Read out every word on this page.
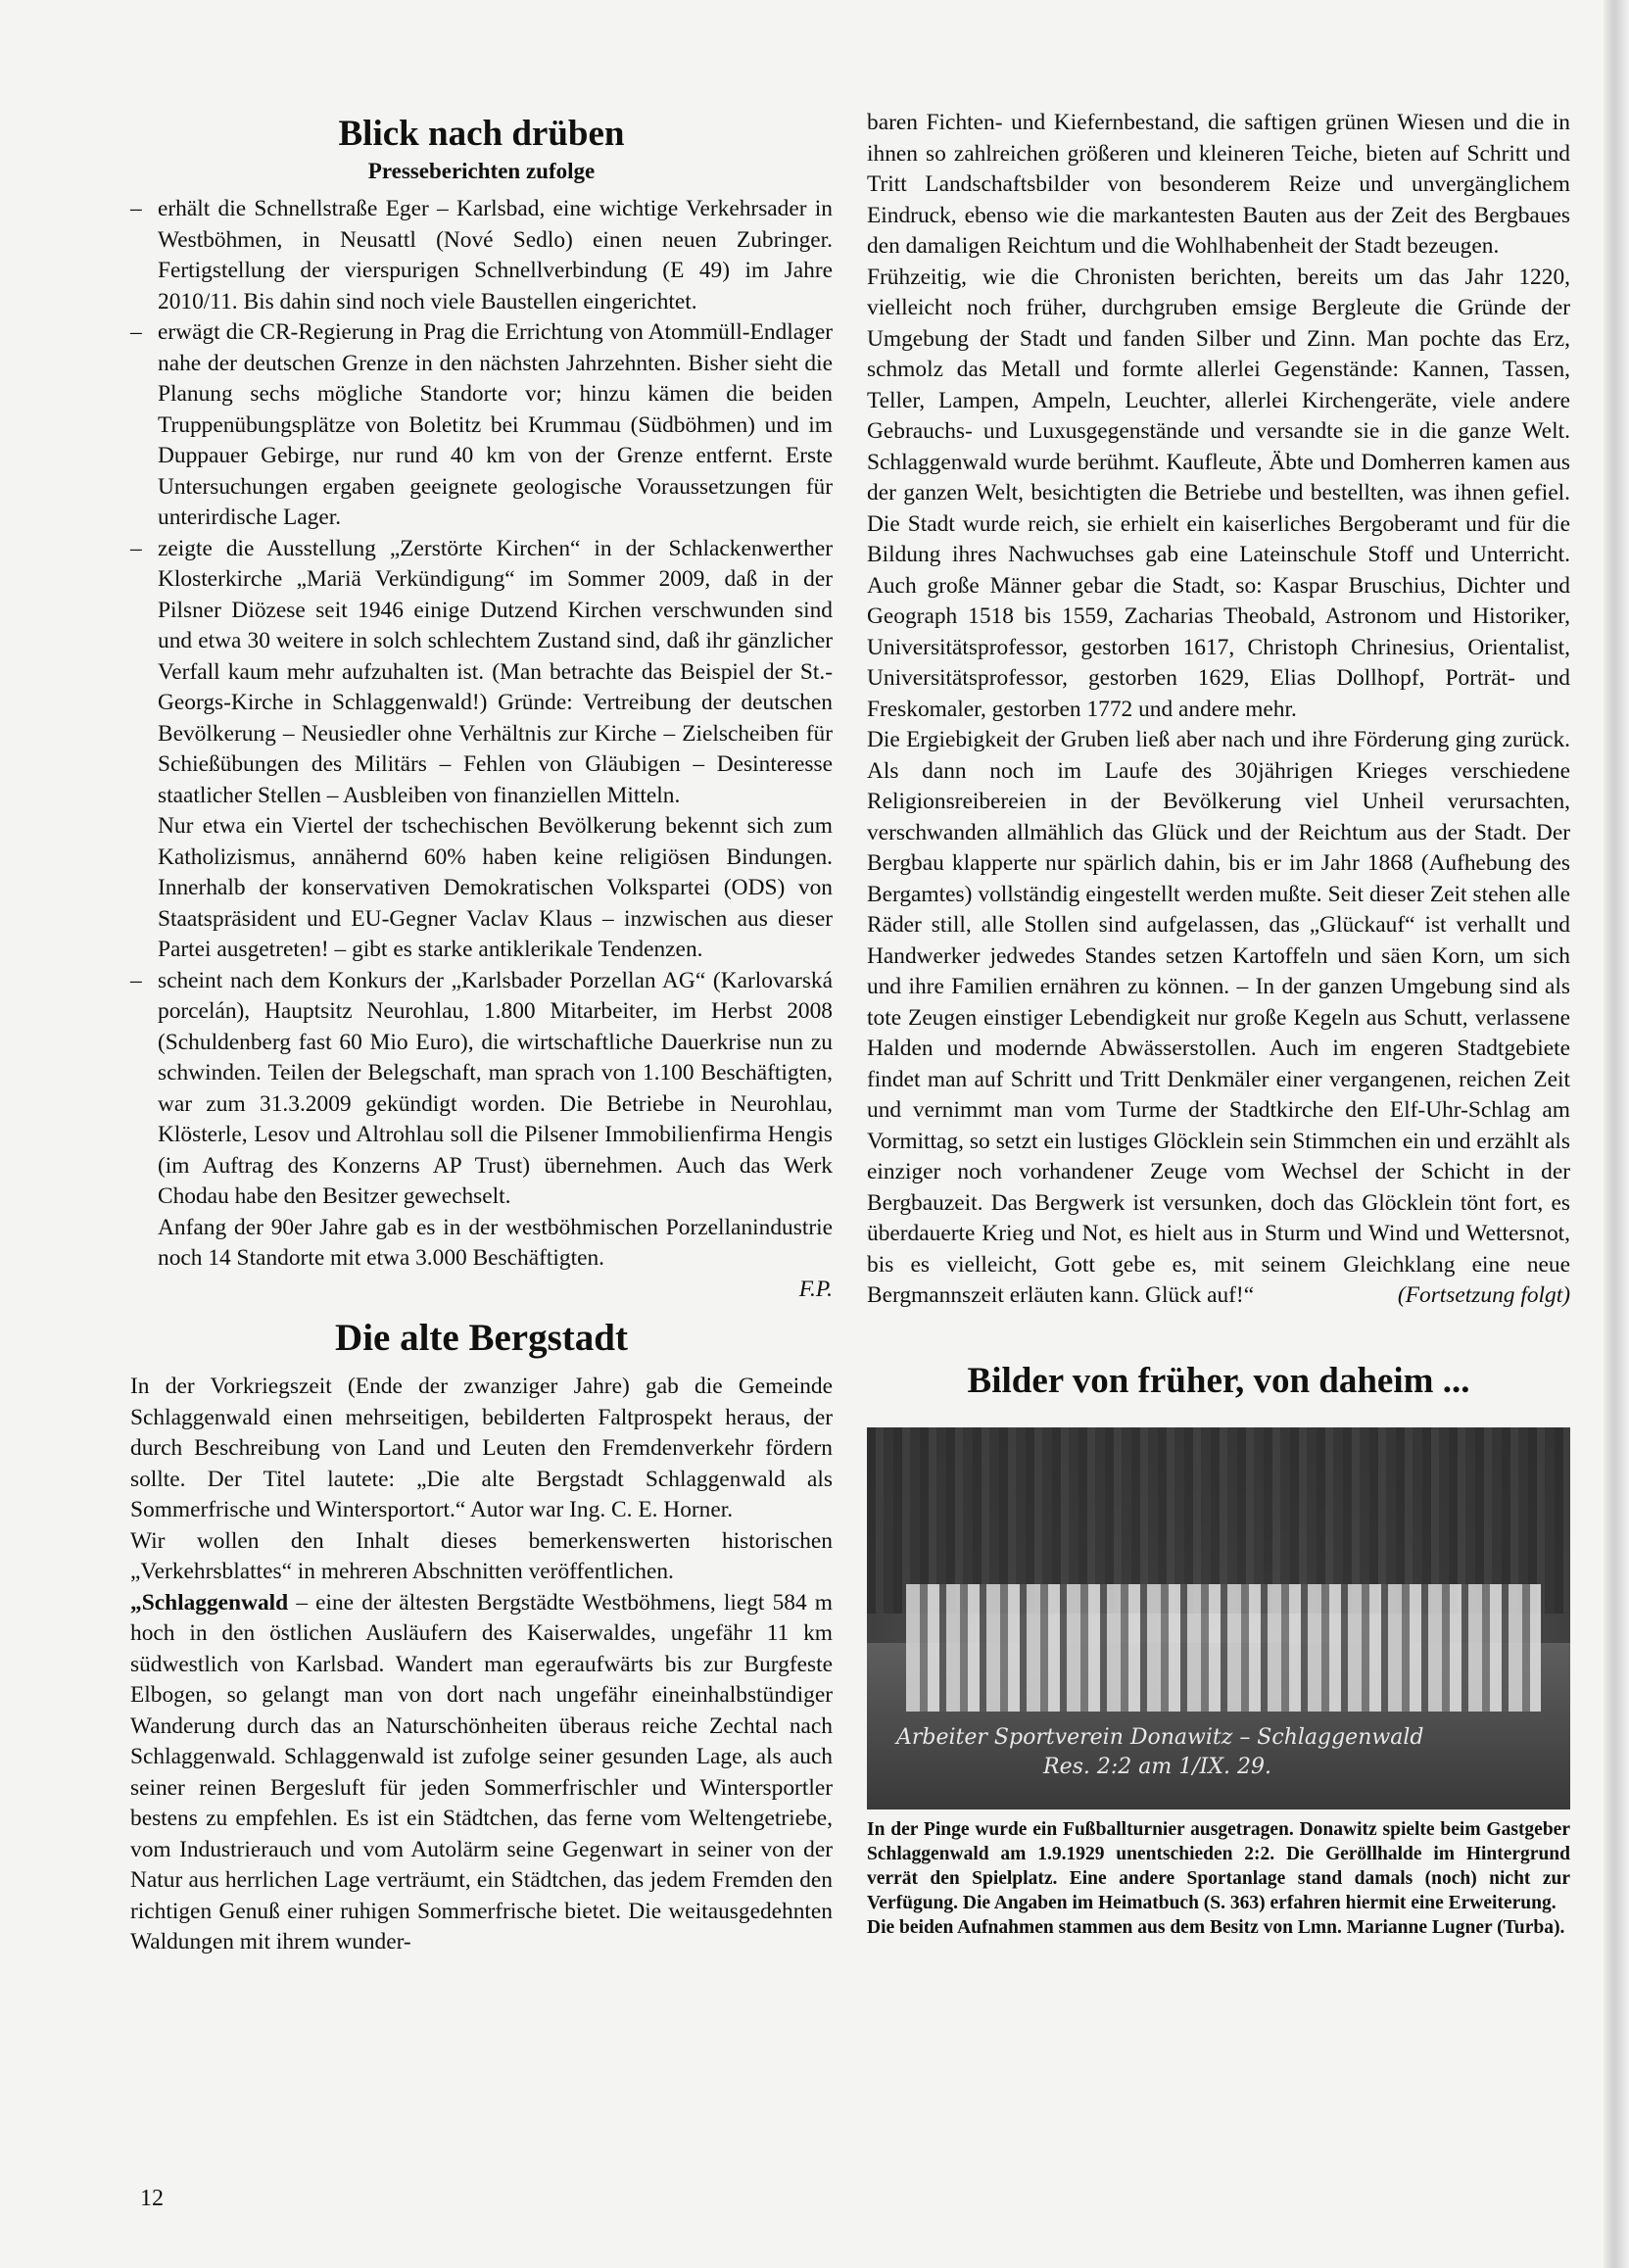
Blick nach drüben
Presseberichten zufolge

– erhält die Schnellstraße Eger – Karlsbad, eine wichtige Verkehrsader in Westböhmen, in Neusattl (Nové Sedlo) einen neuen Zubringer. Fertigstellung der vierspurigen Schnellverbindung (E 49) im Jahre 2010/11. Bis dahin sind noch viele Baustellen eingerichtet.

– erwägt die CR-Regierung in Prag die Errichtung von Atommüll-Endlager nahe der deutschen Grenze in den nächsten Jahrzehnten. Bisher sieht die Planung sechs mögliche Standorte vor; hinzu kämen die beiden Truppenübungsplätze von Boletitz bei Krummau (Südböhmen) und im Duppauer Gebirge, nur rund 40 km von der Grenze entfernt. Erste Untersuchungen ergaben geeignete geologische Voraussetzungen für unterirdische Lager.

– zeigte die Ausstellung „Zerstörte Kirchen“ in der Schlackenwerther Klosterkirche „Mariä Verkündigung“ im Sommer 2009, daß in der Pilsner Diözese seit 1946 einige Dutzend Kirchen verschwunden sind und etwa 30 weitere in solch schlechtem Zustand sind, daß ihr gänzlicher Verfall kaum mehr aufzuhalten ist. (Man betrachte das Beispiel der St.-Georgs-Kirche in Schlaggenwald!) Gründe: Vertreibung der deutschen Bevölkerung – Neusiedler ohne Verhältnis zur Kirche – Zielscheiben für Schießübungen des Militärs – Fehlen von Gläubigen – Desinteresse staatlicher Stellen – Ausbleiben von finanziellen Mitteln.

Nur etwa ein Viertel der tschechischen Bevölkerung bekennt sich zum Katholizismus, annähernd 60% haben keine religiösen Bindungen. Innerhalb der konservativen Demokratischen Volkspartei (ODS) von Staatspräsident und EU-Gegner Vaclav Klaus – inzwischen aus dieser Partei ausgetreten! – gibt es starke antiklerikale Tendenzen.

– scheint nach dem Konkurs der „Karlsbader Porzellan AG“ (Karlovarská porcelán), Hauptsitz Neurohlau, 1.800 Mitarbeiter, im Herbst 2008 (Schuldenberg fast 60 Mio Euro), die wirtschaftliche Dauerkrise nun zu schwinden. Teilen der Belegschaft, man sprach von 1.100 Beschäftigten, war zum 31.3.2009 gekündigt worden. Die Betriebe in Neurohlau, Klösterle, Lesov und Altrohlau soll die Pilsener Immobilienfirma Hengis (im Auftrag des Konzerns AP Trust) übernehmen. Auch das Werk Chodau habe den Besitzer gewechselt.

Anfang der 90er Jahre gab es in der westböhmischen Porzellanindustrie noch 14 Standorte mit etwa 3.000 Beschäftigten.

F.P.

Die alte Bergstadt

In der Vorkriegszeit (Ende der zwanziger Jahre) gab die Gemeinde Schlaggenwald einen mehrseitigen, bebilderten Faltprospekt heraus, der durch Beschreibung von Land und Leuten den Fremdenverkehr fördern sollte. Der Titel lautete: „Die alte Bergstadt Schlaggenwald als Sommerfrische und Wintersportort.“ Autor war Ing. C. E. Horner.

Wir wollen den Inhalt dieses bemerkenswerten historischen „Verkehrsblattes“ in mehreren Abschnitten veröffentlichen.

„Schlaggenwald – eine der ältesten Bergstädte Westböhmens, liegt 584 m hoch in den östlichen Ausläufern des Kaiserwaldes, ungefähr 11 km südwestlich von Karlsbad. Wandert man egeraufwärts bis zur Burgfeste Elbogen, so gelangt man von dort nach ungefähr eineinhalbstündiger Wanderung durch das an Naturschönheiten überaus reiche Zechtal nach Schlaggenwald. Schlaggenwald ist zufolge seiner gesunden Lage, als auch seiner reinen Bergesluft für jeden Sommerfrischler und Wintersportler bestens zu empfehlen. Es ist ein Städtchen, das ferne vom Weltengetriebe, vom Industrierauch und vom Autolärm seine Gegenwart in seiner von der Natur aus herrlichen Lage verträumt, ein Städtchen, das jedem Fremden den richtigen Genuß einer ruhigen Sommerfrische bietet. Die weitausgedehnten Waldungen mit ihrem wunder-

baren Fichten- und Kiefernbestand, die saftigen grünen Wiesen und die in ihnen so zahlreichen größeren und kleineren Teiche, bieten auf Schritt und Tritt Landschaftsbilder von besonderem Reize und unvergänglichem Eindruck, ebenso wie die markantesten Bauten aus der Zeit des Bergbaues den damaligen Reichtum und die Wohlhabenheit der Stadt bezeugen.

Frühzeitig, wie die Chronisten berichten, bereits um das Jahr 1220, vielleicht noch früher, durchgruben emsige Bergleute die Gründe der Umgebung der Stadt und fanden Silber und Zinn. Man pochte das Erz, schmolz das Metall und formte allerlei Gegenstände: Kannen, Tassen, Teller, Lampen, Ampeln, Leuchter, allerlei Kirchengeräte, viele andere Gebrauchs- und Luxusgegenstände und versandte sie in die ganze Welt. Schlaggenwald wurde berühmt. Kaufleute, Äbte und Domherren kamen aus der ganzen Welt, besichtigten die Betriebe und bestellten, was ihnen gefiel. Die Stadt wurde reich, sie erhielt ein kaiserliches Bergoberamt und für die Bildung ihres Nachwuchses gab eine Lateinschule Stoff und Unterricht. Auch große Männer gebar die Stadt, so: Kaspar Bruschius, Dichter und Geograph 1518 bis 1559, Zacharias Theobald, Astronom und Historiker, Universitätsprofessor, gestorben 1617, Christoph Chrinesius, Orientalist, Universitätsprofessor, gestorben 1629, Elias Dollhopf, Porträt- und Freskomaler, gestorben 1772 und andere mehr.

Die Ergiebigkeit der Gruben ließ aber nach und ihre Förderung ging zurück. Als dann noch im Laufe des 30jährigen Krieges verschiedene Religionsreibereien in der Bevölkerung viel Unheil verursachten, verschwanden allmählich das Glück und der Reichtum aus der Stadt. Der Bergbau klapperte nur spärlich dahin, bis er im Jahr 1868 (Aufhebung des Bergamtes) vollständig eingestellt werden mußte. Seit dieser Zeit stehen alle Räder still, alle Stollen sind aufgelassen, das „Glückauf“ ist verhallt und Handwerker jedwedes Standes setzen Kartoffeln und säen Korn, um sich und ihre Familien ernähren zu können. – In der ganzen Umgebung sind als tote Zeugen einstiger Lebendigkeit nur große Kegeln aus Schutt, verlassene Halden und modernde Abwässerstollen. Auch im engeren Stadtgebiete findet man auf Schritt und Tritt Denkmäler einer vergangenen, reichen Zeit und vernimmt man vom Turme der Stadtkirche den Elf-Uhr-Schlag am Vormittag, so setzt ein lustiges Glöcklein sein Stimmchen ein und erzählt als einziger noch vorhandener Zeuge vom Wechsel der Schicht in der Bergbauzeit. Das Bergwerk ist versunken, doch das Glöcklein tönt fort, es überdauerte Krieg und Not, es hielt aus in Sturm und Wind und Wettersnot, bis es vielleicht, Gott gebe es, mit seinem Gleichklang eine neue Bergmannszeit erläuten kann. Glück auf!“	(Fortsetzung folgt)

Bilder von früher, von daheim ...
Arbeiter Sportverein Donawitz – Schlaggenwald
Res. 2:2 am 1/IX. 29.
In der Pinge wurde ein Fußballturnier ausgetragen. Donawitz spielte beim Gastgeber Schlaggenwald am 1.9.1929 unentschieden 2:2. Die Geröllhalde im Hintergrund verrät den Spielplatz. Eine andere Sportanlage stand damals (noch) nicht zur Verfügung. Die Angaben im Heimatbuch (S. 363) erfahren hiermit eine Erweiterung.
Die beiden Aufnahmen stammen aus dem Besitz von Lmn. Marianne Lugner (Turba).
12
